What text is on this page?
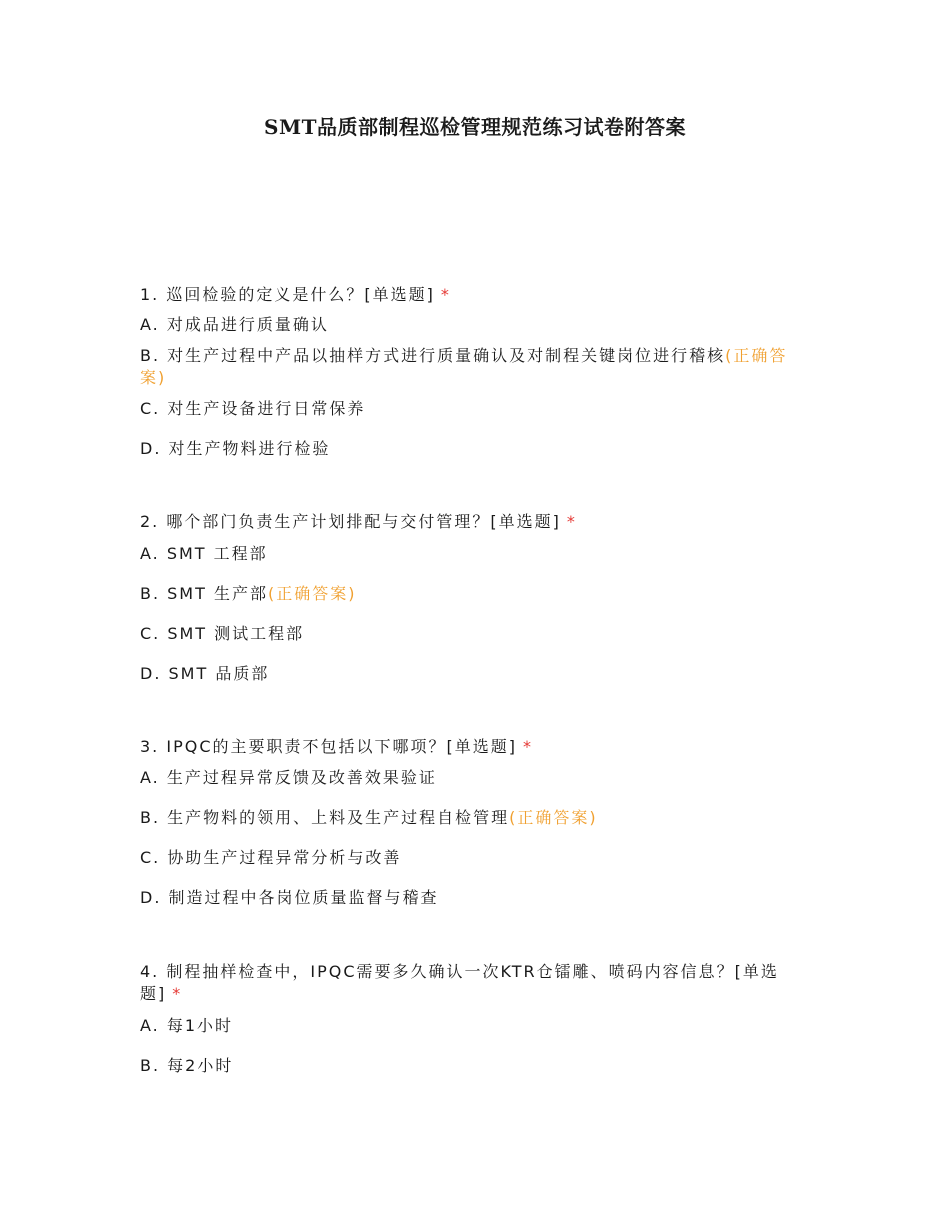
SMT品质部制程巡检管理规范练习试卷附答案
1. 巡回检验的定义是什么？[单选题] *
A. 对成品进行质量确认
B. 对生产过程中产品以抽样方式进行质量确认及对制程关键岗位进行稽核(正确答案)
C. 对生产设备进行日常保养
D. 对生产物料进行检验
2. 哪个部门负责生产计划排配与交付管理？[单选题] *
A. SMT 工程部
B. SMT 生产部(正确答案)
C. SMT 测试工程部
D. SMT 品质部
3. IPQC的主要职责不包括以下哪项？[单选题] *
A. 生产过程异常反馈及改善效果验证
B. 生产物料的领用、上料及生产过程自检管理(正确答案)
C. 协助生产过程异常分析与改善
D. 制造过程中各岗位质量监督与稽查
4. 制程抽样检查中，IPQC需要多久确认一次KTR仓镭雕、喷码内容信息？[单选题] *
A. 每1小时
B. 每2小时
